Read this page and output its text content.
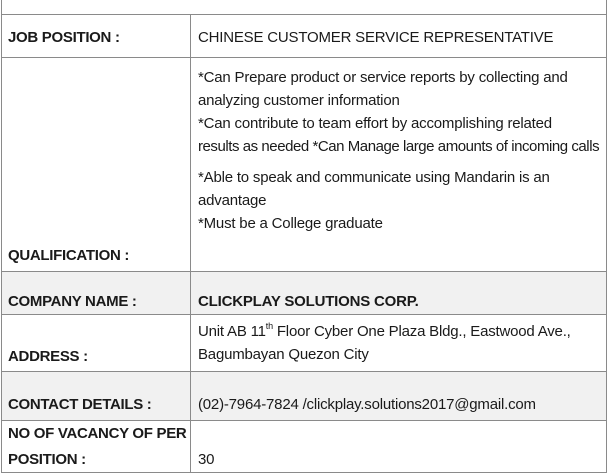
JOB POSITION :	CHINESE CUSTOMER SERVICE REPRESENTATIVE
QUALIFICATION :
*Can Prepare product or service reports by collecting and
analyzing customer information
*Can contribute to team effort by accomplishing related
results as needed *Can Manage large amounts of incoming calls
*Able to speak and communicate using Mandarin is an
advantage
*Must be a College graduate
COMPANY NAME :	CLICKPLAY SOLUTIONS CORP.
ADDRESS :
Unit AB 11th Floor Cyber One Plaza Bldg., Eastwood Ave.,
Bagumbayan Quezon City
CONTACT DETAILS :	(02)-7964-7824 /clickplay.solutions2017@gmail.com
NO OF VACANCY OF PER
POSITION :	30
